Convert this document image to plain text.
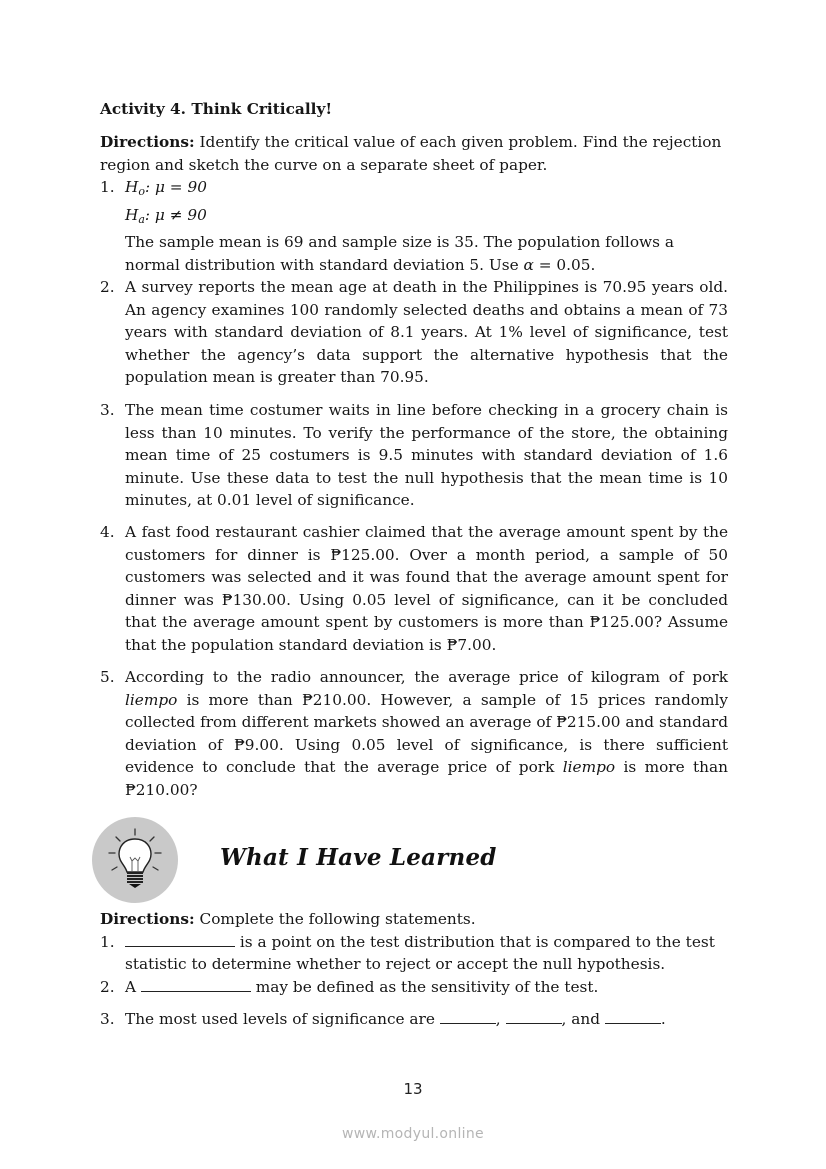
Activity 4. Think Critically!
Directions: Identify the critical value of each given problem. Find the rejection region and sketch the curve on a separate sheet of paper.
1. $H_o$: μ = 90
$H_a$: μ ≠ 90
The sample mean is 69 and sample size is 35. The population follows a normal distribution with standard deviation 5. Use α = 0.05.
2. A survey reports the mean age at death in the Philippines is 70.95 years old. An agency examines 100 randomly selected deaths and obtains a mean of 73 years with standard deviation of 8.1 years. At 1% level of significance, test whether the agency’s data support the alternative hypothesis that the population mean is greater than 70.95.
3. The mean time costumer waits in line before checking in a grocery chain is less than 10 minutes. To verify the performance of the store, the obtaining mean time of 25 costumers is 9.5 minutes with standard deviation of 1.6 minute. Use these data to test the null hypothesis that the mean time is 10 minutes, at 0.01 level of significance.
4. A fast food restaurant cashier claimed that the average amount spent by the customers for dinner is ₱125.00. Over a month period, a sample of 50 customers was selected and it was found that the average amount spent for dinner was ₱130.00. Using 0.05 level of significance, can it be concluded that the average amount spent by customers is more than ₱125.00? Assume that the population standard deviation is ₱7.00.
5. According to the radio announcer, the average price of kilogram of pork liempo is more than ₱210.00. However, a sample of 15 prices randomly collected from different markets showed an average of ₱215.00 and standard deviation of ₱9.00. Using 0.05 level of significance, is there sufficient evidence to conclude that the average price of pork liempo is more than ₱210.00?
What I Have Learned
Directions: Complete the following statements.
1.	is a point on the test distribution that is compared to the test statistic to determine whether to reject or accept the null hypothesis.
2. A	may be defined as the sensitivity of the test.
3. The most used levels of significance are	,	, and	.
13
www.modyul.online
